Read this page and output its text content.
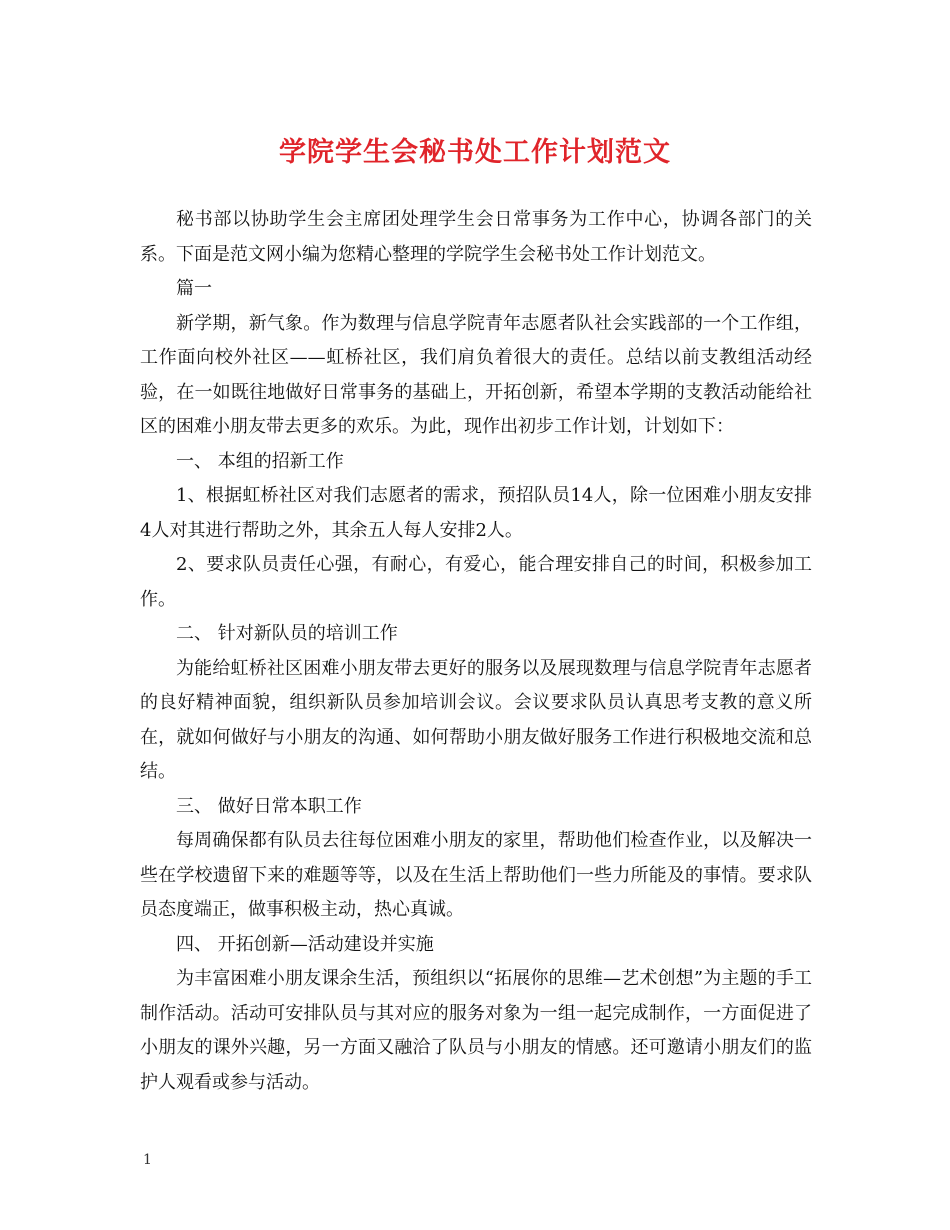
学院学生会秘书处工作计划范文

秘书部以协助学生会主席团处理学生会日常事务为工作中心，协调各部门的关系。下面是范文网小编为您精心整理的学院学生会秘书处工作计划范文。

篇一

新学期，新气象。作为数理与信息学院青年志愿者队社会实践部的一个工作组，工作面向校外社区——虹桥社区，我们肩负着很大的责任。总结以前支教组活动经验，在一如既往地做好日常事务的基础上，开拓创新，希望本学期的支教活动能给社区的困难小朋友带去更多的欢乐。为此，现作出初步工作计划，计划如下：

一、 本组的招新工作

1、根据虹桥社区对我们志愿者的需求，预招队员14人，除一位困难小朋友安排4人对其进行帮助之外，其余五人每人安排2人。

2、要求队员责任心强，有耐心，有爱心，能合理安排自己的时间，积极参加工作。

二、 针对新队员的培训工作

为能给虹桥社区困难小朋友带去更好的服务以及展现数理与信息学院青年志愿者的良好精神面貌，组织新队员参加培训会议。会议要求队员认真思考支教的意义所在，就如何做好与小朋友的沟通、如何帮助小朋友做好服务工作进行积极地交流和总结。

三、 做好日常本职工作

每周确保都有队员去往每位困难小朋友的家里，帮助他们检查作业，以及解决一些在学校遗留下来的难题等等，以及在生活上帮助他们一些力所能及的事情。要求队员态度端正，做事积极主动，热心真诚。

四、 开拓创新—活动建设并实施

为丰富困难小朋友课余生活，预组织以“拓展你的思维—艺术创想”为主题的手工制作活动。活动可安排队员与其对应的服务对象为一组一起完成制作，一方面促进了小朋友的课外兴趣，另一方面又融洽了队员与小朋友的情感。还可邀请小朋友们的监护人观看或参与活动。

1
